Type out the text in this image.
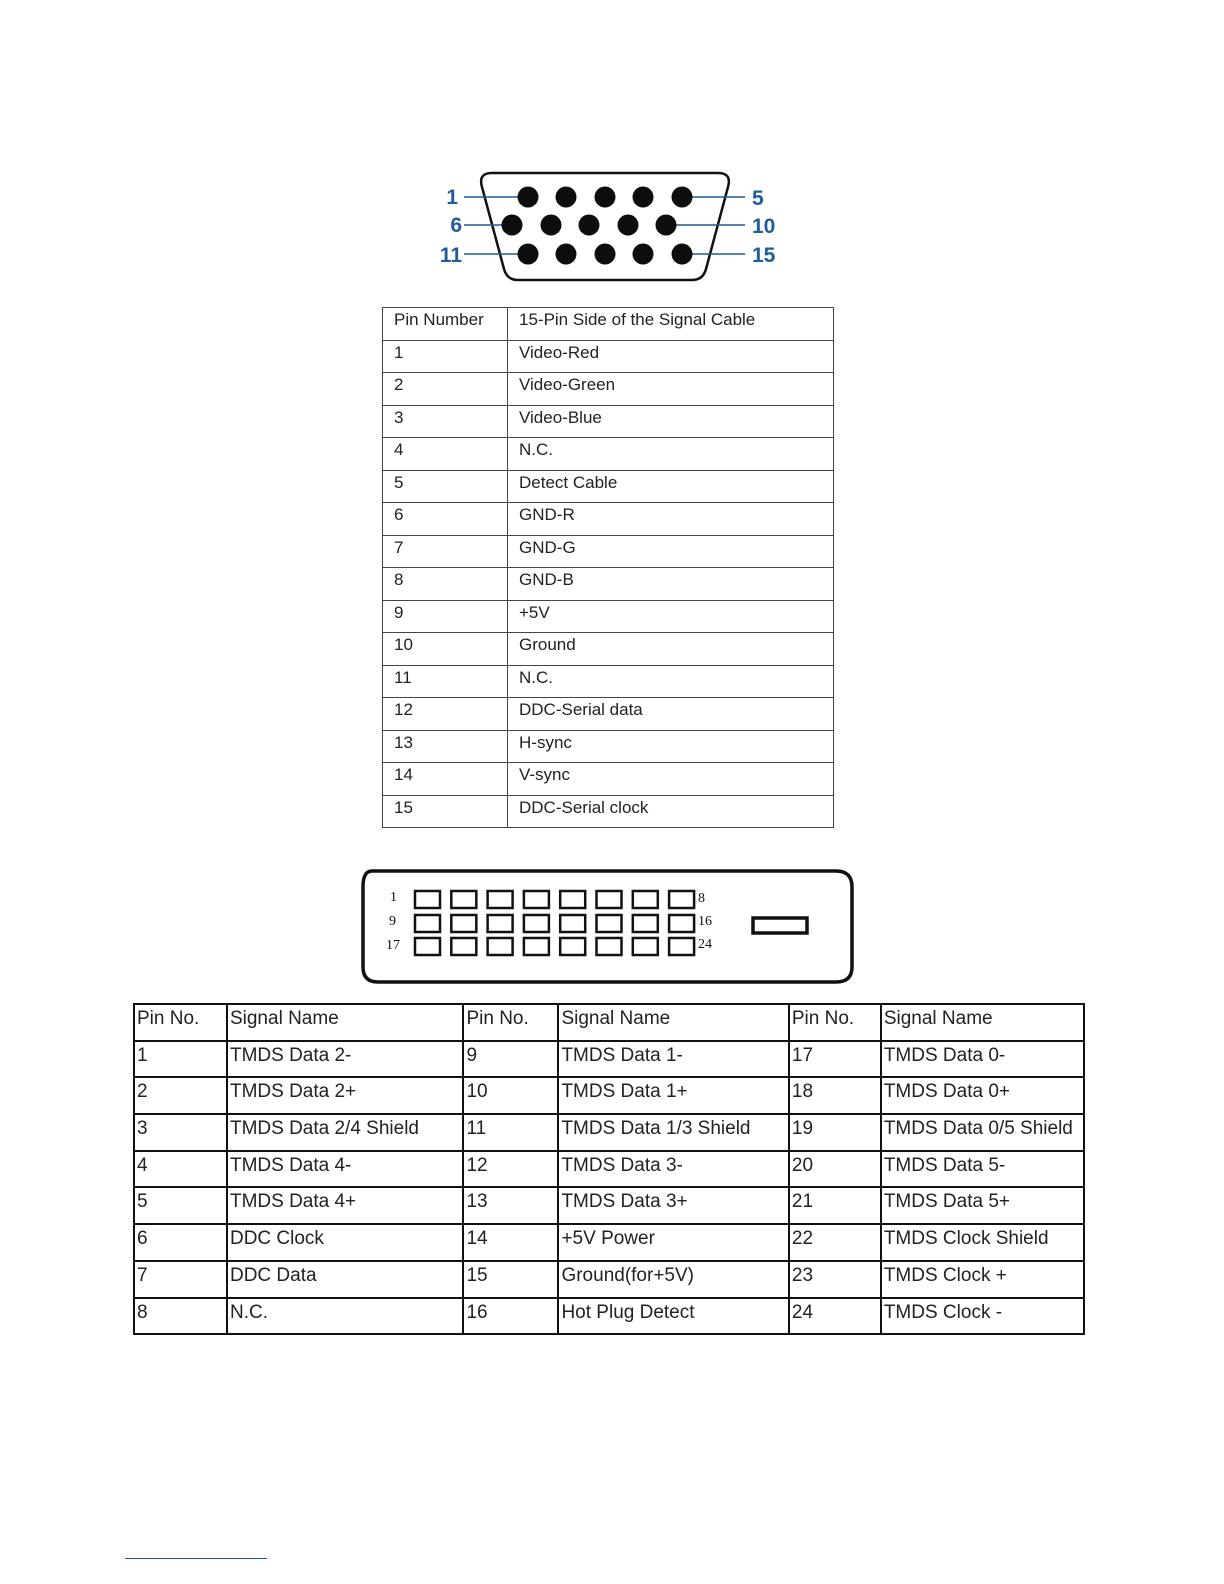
1	5
6	10
11	15
Pin Number	15-Pin Side of the Signal Cable
1	Video-Red
2	Video-Green
3	Video-Blue
4	N.C.
5	Detect Cable
6	GND-R
7	GND-G
8	GND-B
9	+5V
10	Ground
11	N.C.
12	DDC-Serial data
13	H-sync
14	V-sync
15	DDC-Serial clock
1	8
9	16
17	24
Pin No.	Signal Name	Pin No.	Signal Name	Pin No.	Signal Name
1	TMDS Data 2-	9	TMDS Data 1-	17	TMDS Data 0-
2	TMDS Data 2+	10	TMDS Data 1+	18	TMDS Data 0+
3	TMDS Data 2/4 Shield	11	TMDS Data 1/3 Shield	19	TMDS Data 0/5 Shield
4	TMDS Data 4-	12	TMDS Data 3-	20	TMDS Data 5-
5	TMDS Data 4+	13	TMDS Data 3+	21	TMDS Data 5+
6	DDC Clock	14	+5V Power	22	TMDS Clock Shield
7	DDC Data	15	Ground(for+5V)	23	TMDS Clock +
8	N.C.	16	Hot Plug Detect	24	TMDS Clock -
